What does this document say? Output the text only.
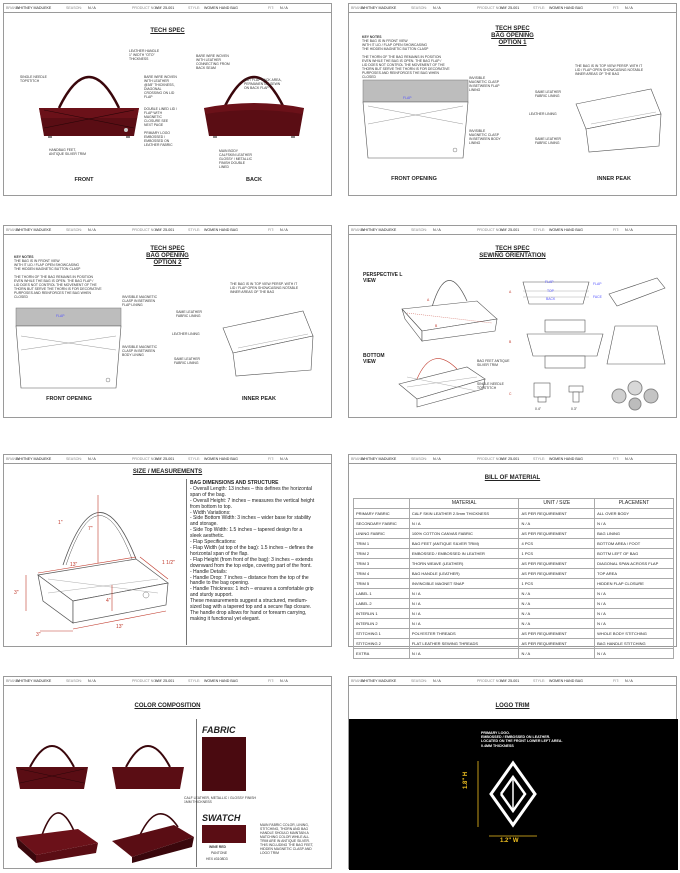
BRAND:
WHITNEY MADUEKE	SEASON: N / A	PRODUCT NO.:
WM' 25-001	STYLE: WOMEN HAND BAG	FIT: N / A
TECH SPEC
LEATHER HANDLE 1" WIDTH "OTO" THICKNESS
SINGLE NEEDLE TOPSTITCH
BARE WIRE WOVEN WITH LEATHER @3/8" THICKNESS, DIAGONAL CROSSING ON LID FLAP
DOUBLE LINED LID / FLAP WITH MAGNETIC CLOSURE SEE NEXT PAGE
PRIMARY LOGO EMBOSSED / EMBOSSED ON LEATHER FABRIC
HANDBAG FEET, ANTIQUE SILVER TRIM
BARE WIRE WOVEN WITH LEATHER CONNECTING FROM BACK SEAM
LID / FLAP BACK AREA, PERMANENTLY SEWN ON BACK FLAP
MAIN BODY CALFSKIN LEATHER GLOSSY / METALLIC FINISH DOUBLE LINED
FRONT	BACK
BRAND:
WHITNEY MADUEKE	SEASON: N / A	PRODUCT NO.:
WM' 25-001	STYLE: WOMEN HAND BAG	FIT: N / A
TECH SPEC
BAG OPENING
OPTION 1
KEY NOTES
THE BAG IS IN FRONT VIEW
WITH IT LID / FLAP OPEN SHOWCASING
THE HIDDEN MAGNETIC BUTTON CLASP
THE THORN OF THE BAG REMAINS IN POSITION
EVEN WHILE THE BAG IS OPEN. THE BAG FLAP /
LID DOES NOT CONTROL THE MOVEMENT OF THE
THORN BUT SERVE THE THORN IS FOR DECORATIVE
PURPOSES AND REINFORCES THE BAG WHEN
CLOSED
FLAP
INVISIBLE MAGNETIC CLASP IN BETWEEN FLAP LINING
INVISIBLE MAGNETIC CLASP IN BETWEEN BODY LINING
THE BAG IS IN TOP VIEW PERSP. WITH IT LID / FLAP OPEN SHOWCASING NOTABLE INNER AREAS OF THE BAG
SAME LEATHER FABRIC LINING
LEATHER LINING
SAME LEATHER FABRIC LINING
FRONT OPENING	INNER PEAK
BRAND:
WHITNEY MADUEKE	SEASON: N / A	PRODUCT NO.:
WM' 25-001	STYLE: WOMEN HAND BAG	FIT: N / A
TECH SPEC
BAG OPENING
OPTION 2
KEY NOTES
THE BAG IS IN FRONT VIEW
WITH IT LID / FLAP OPEN SHOWCASING
THE HIDDEN MAGNETIC BUTTON CLASP
THE THORN OF THE BAG REMAINS IN POSITION
EVEN WHILE THE BAG IS OPEN. THE BAG FLAP /
LID DOES NOT CONTROL THE MOVEMENT OF THE
THORN BUT SERVE THE THORN IS FOR DECORATIVE
PURPOSES AND REINFORCES THE BAG WHEN
CLOSED
FLAP
INVISIBLE MAGNETIC CLASP IN BETWEEN FLAP LINING
INVISIBLE MAGNETIC CLASP IN BETWEEN BODY LINING
THE BAG IS IN TOP VIEW PERSP. WITH IT LID / FLAP OPEN SHOWCASING NOTABLE INNER AREAS OF THE BAG
SAME LEATHER FABRIC LINING
LEATHER LINING
SAME LEATHER FABRIC LINING
FRONT OPENING	INNER PEAK
BRAND:
WHITNEY MADUEKE	SEASON: N / A	PRODUCT NO.:
WM' 25-001	STYLE: WOMEN HAND BAG	FIT: N / A
TECH SPEC
SEWING ORIENTATION
PERSPECTIVE L VIEW
A
B
BOTTOM VIEW	BAG FEET ANTIQUE SILVER TRIM
SINGLE NEEDLE TOPSTITCH
A
FLAP
TOP
BACK
FLAP
FACE
B
C
0.4"	0.3"
BRAND:
WHITNEY MADUEKE	SEASON: N / A	PRODUCT NO.:
WM' 25-001	STYLE: WOMEN HAND BAG	FIT: N / A
SIZE / MEASUREMENTS
1"
7"
1 1/2"
13"
4"
3"
3"
13"
BAG DIMENSIONS AND STRUCTURE
- Overall Length: 13 inches – this defines the horizontal
span of the bag.
- Overall Height: 7 inches – measures the vertical height
from bottom to top.
- Width Variations:
- Side Bottom Width: 3 inches – wider base for stability
and storage.
- Side Top Width: 1.5 inches – tapered design for a
sleek aesthetic.
- Flap Specifications:
- Flap Width (at top of the bag): 1.5 inches – defines the
horizontal span of the flap.
- Flap Height (from front of the bag): 3 inches – extends
downward from the top edge, covering part of the front.
- Handle Details:
- Handle Drop: 7 inches – distance from the top of the
handle to the bag opening.
- Handle Thickness: 1 inch – ensures a comfortable grip
and sturdy support.
These measurements suggest a structured, medium-
sized bag with a tapered top and a secure flap closure.
The handle drop allows for hand or forearm carrying,
making it functional yet elegant.
BRAND:
WHITNEY MADUEKE	SEASON: N / A	PRODUCT NO.:
WM' 25-001	STYLE: WOMEN HAND BAG	FIT: N / A
BILL OF MATERIAL
	MATERIAL	UNIT / SIZE	PLACEMENT
PRIMARY FABRIC	CALF SKIN LEATHER 2.5mm THICKNESS	AS PER REQUIREMENT	ALL OVER BODY
SECONDARY FABRIC	N / A	N / A	N / A
LINING FABRIC	100% COTTON CANVAS FABRIC	AS PER REQUIREMENT	BAG LINING
TRIM 1	BAG FEET (ANTIQUE SILVER TRIM)	4 PCS	BOTTOM AREA / FOOT
TRIM 2	EMBOSSED / EMBOSSED IN LEATHER	1 PCS	BOTTM LEFT OF BAG
TRIM 3	THORN WEAVE (LEATHER)	AS PER REQUIREMENT	DIAGONAL SPAN ACROSS FLAP
TRIM 4	BAG HANDLE (LEATHER)	AS PER REQUIREMENT	TOP AREA
TRIM 5	INVINCIBLE MAGNET SNAP	1 PCS	HIDDEN FLAP CLOSURE
LABEL 1	N / A	N / A	N / A
LABEL 2	N / A	N / A	N / A
INTERLIN 1	N / A	N / A	N / A
INTERLIN 2	N / A	N / A	N / A
STITCHING 1	POLYESTER THREADS	AS PER REQUIREMENT	WHOLE BODY STITCHING
STITCHING 2	FLAT LEATHER SEWING THREADS	AS PER REQUIREMENT	BAG HANDLE STITCHING
EXTRA	N / A	N / A	N / A
BRAND:
WHITNEY MADUEKE	SEASON: N / A	PRODUCT NO.:
WM' 25-001	STYLE: WOMEN HAND BAG	FIT: N / A
COLOR COMPOSITION
FABRIC
CALF LEATHER, METALLIC / GLOSSY FINISH 1MM THICKNESS
SWATCH
WINE RED
PANTONE
HEX #3108D3
MAIN FABRIC COLOR, LINING, STITCHING, THORN AND BAG HANDLE SHOULD MAINTAIN A MATCHING COLOR WHILE ALL TRIM ARE IN ANTIQUE SILVER. THIS INCLUDING THE BAG FEET, HIDDEN MAGNETIC CLASP AND LOGO TRIM
BRAND:
WHITNEY MADUEKE	SEASON: N / A	PRODUCT NO.:
WM' 25-001	STYLE: WOMEN HAND BAG	FIT: N / A
LOGO TRIM
PRIMARY LOGO.
EMBOSSED / EMBOSSED ON LEATHER.
LOCATED ON THE FRONT LOWER LEFT AREA.
0.4MM THICKNESS
1.8" H
1.2" W
